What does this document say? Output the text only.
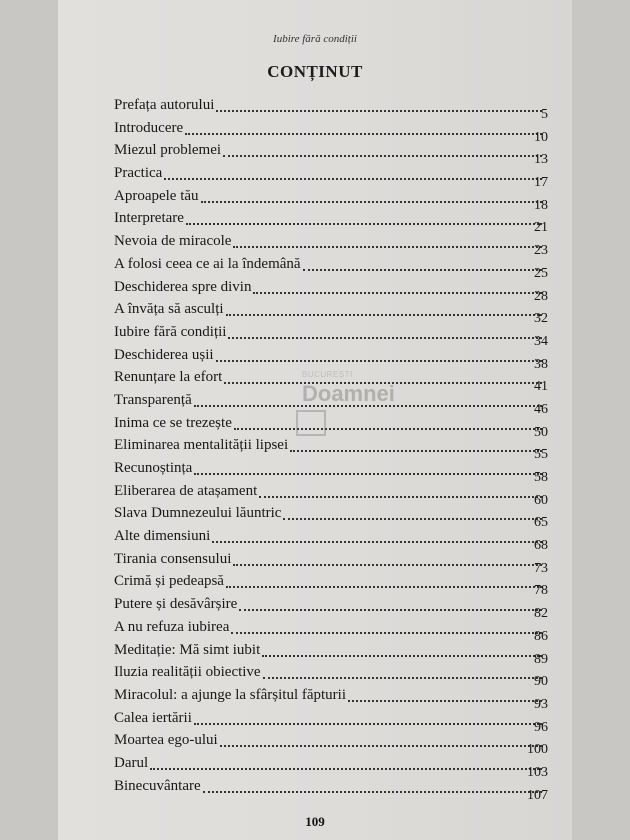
Iubire fără condiții
CONȚINUT
Prefața autorului
5
Introducere
10
Miezul problemei
13
Practica
17
Aproapele tău
18
Interpretare
21
Nevoia de miracole
23
A folosi ceea ce ai la îndemână
25
Deschiderea spre divin
28
A învăța să asculți
32
Iubire fără condiții
34
Deschiderea ușii
38
Renunțare la efort
41
Transparență
46
Inima ce se trezește
50
Eliminarea mentalității lipsei
55
Recunoștința
58
Eliberarea de atașament
60
Slava Dumnezeului lăuntric
65
Alte dimensiuni
68
Tirania consensului
73
Crimă și pedeapsă
78
Putere și desăvârșire
82
A nu refuza iubirea
86
Meditație: Mă simt iubit
89
Iluzia realității obiective
90
Miracolul: a ajunge la sfârșitul făpturii
93
Calea iertării
96
Moartea ego-ului
100
Darul
103
Binecuvântare
107
BUCUREȘTI
Doamnei
109
